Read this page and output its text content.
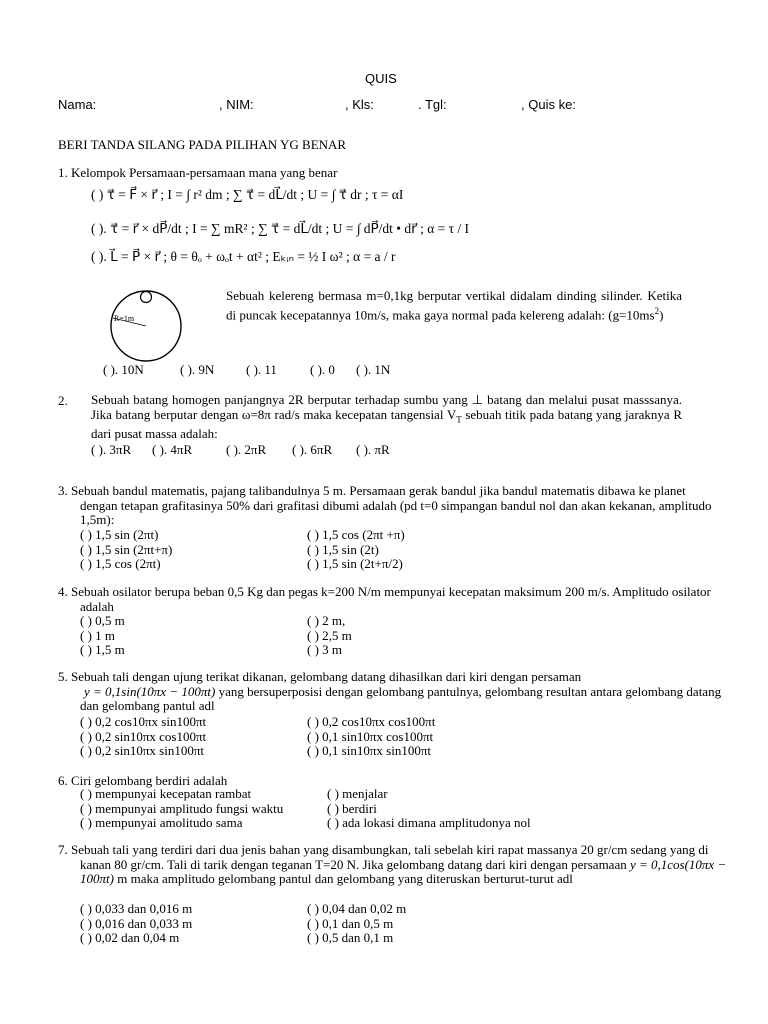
QUIS
Nama:	, NIM:	, Kls:	. Tgl:	, Quis ke:
BERI TANDA SILANG PADA PILIHAN YG BENAR
1. Kelompok Persamaan-persamaan mana yang benar
( ) τ⃗ = F⃗ × r⃗ ; I = ∫ r² dm ; ∑ τ⃗ = dL⃗/dt ; U = ∫ τ⃗ dr ; τ = αI
( ). τ⃗ = r⃗ × dP⃗/dt ; I = ∑ mR² ; ∑ τ⃗ = dL⃗/dt ; U = ∫ dP⃗/dt • dr⃗ ; α = τ / I
( ). L⃗ = P⃗ × r⃗ ; θ = θₒ + ωₒt + αt² ; Eₖᵢₙ = ½ I ω² ; α = a / r
R=1m
Sebuah kelereng bermasa m=0,1kg berputar vertikal didalam dinding silinder. Ketika di puncak kecepatannya 10m/s, maka gaya normal pada kelereng adalah: $(g=10ms^2)$
( ). 10N	( ). 9N ( ). 11	( ). 0 ( ). 1N
2. Sebuah batang homogen panjangnya 2R berputar terhadap sumbu yang ⊥ batang dan melalui pusat masssanya. Jika batang berputar dengan ω=8π rad/s maka kecepatan tangensial $V_T$ sebuah titik pada batang yang jaraknya R dari pusat massa adalah:
( ). 3πR ( ). 4πR	( ). 2πR ( ). 6πR ( ). πR
3. Sebuah bandul matematis, pajang talibandulnya 5 m. Persamaan gerak bandul jika bandul matematis dibawa ke planet dengan tetapan grafitasinya 50% dari grafitasi dibumi adalah (pd t=0 simpangan bandul nol dan akan kekanan, amplitudo 1,5m):
( ) 1,5 sin (2πt)
( ) 1,5 sin (2πt+π)
( ) 1,5 cos (2πt)
( ) 1,5 cos (2πt +π)
( ) 1,5 sin (2t)
( ) 1,5 sin (2t+π/2)
4. Sebuah osilator berupa beban 0,5 Kg dan pegas k=200 N/m mempunyai kecepatan maksimum 200 m/s. Amplitudo osilator adalah
( ) 0,5 m
( ) 1 m
( ) 1,5 m
( ) 2 m,
( ) 2,5 m
( ) 3 m
5. Sebuah tali dengan ujung terikat dikanan, gelombang datang dihasilkan dari kiri dengan persaman
y = 0,1sin(10πx − 100πt) yang bersuperposisi dengan gelombang pantulnya, gelombang resultan antara gelombang datang dan gelombang pantul adl
( ) 0,2 cos10πx sin100πt
( ) 0,2 sin10πx cos100πt
( ) 0,2 sin10πx sin100πt
( ) 0,2 cos10πx cos100πt
( ) 0,1 sin10πx cos100πt
( ) 0,1 sin10πx sin100πt
6. Ciri gelombang berdiri adalah
( ) mempunyai kecepatan rambat
( ) mempunyai amplitudo fungsi waktu
( ) mempunyai amolitudo sama
( ) menjalar
( ) berdiri
( ) ada lokasi dimana amplitudonya nol
7. Sebuah tali yang terdiri dari dua jenis bahan yang disambungkan, tali sebelah kiri rapat massanya 20 gr/cm sedang yang di kanan 80 gr/cm. Tali di tarik dengan teganan T=20 N. Jika gelombang datang dari kiri dengan persamaan y = 0,1cos(10πx − 100πt) m maka amplitudo gelombang pantul dan gelombang yang diteruskan berturut-turut adl
( ) 0,033 dan 0,016 m
( ) 0,016 dan 0,033 m
( ) 0,02 dan 0,04 m
( ) 0,04 dan 0,02 m
( ) 0,1 dan 0,5 m
( ) 0,5 dan 0,1 m
